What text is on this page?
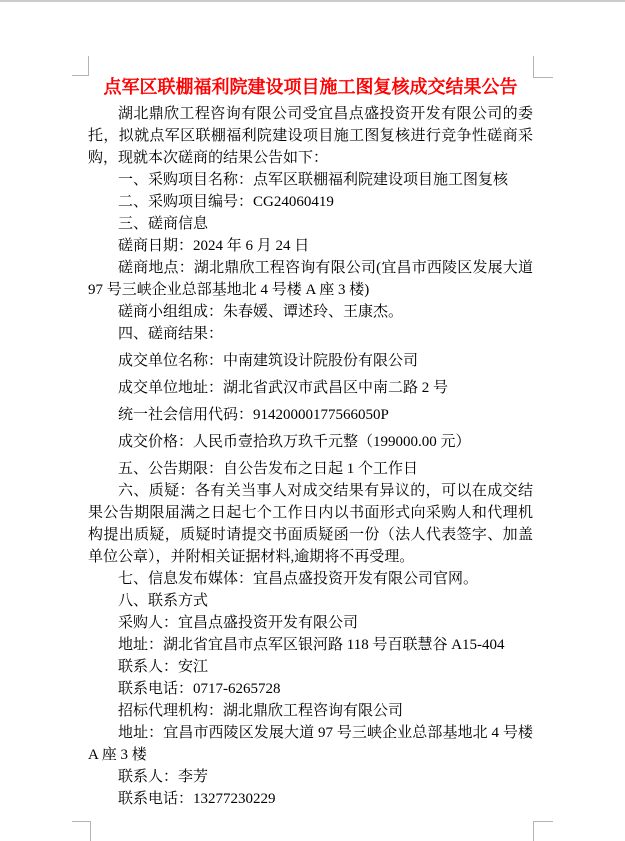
点军区联棚福利院建设项目施工图复核成交结果公告

湖北鼎欣工程咨询有限公司受宜昌点盛投资开发有限公司的委托，拟就点军区联棚福利院建设项目施工图复核进行竞争性磋商采购，现就本次磋商的结果公告如下：

一、采购项目名称：点军区联棚福利院建设项目施工图复核

二、采购项目编号：CG24060419

三、磋商信息

磋商日期：2024 年 6 月 24 日

磋商地点：湖北鼎欣工程咨询有限公司(宜昌市西陵区发展大道 97 号三峡企业总部基地北 4 号楼 A 座 3 楼)

磋商小组组成：朱春媛、谭述玲、王康杰。

四、磋商结果：

成交单位名称：中南建筑设计院股份有限公司

成交单位地址：湖北省武汉市武昌区中南二路 2 号

统一社会信用代码：91420000177566050P

成交价格：人民币壹拾玖万玖千元整（199000.00 元）

五、公告期限：自公告发布之日起 1 个工作日

六、质疑：各有关当事人对成交结果有异议的，可以在成交结果公告期限届满之日起七个工作日内以书面形式向采购人和代理机构提出质疑，质疑时请提交书面质疑函一份（法人代表签字、加盖单位公章），并附相关证据材料,逾期将不再受理。

七、信息发布媒体：宜昌点盛投资开发有限公司官网。

八、联系方式

采购人：宜昌点盛投资开发有限公司

地址：湖北省宜昌市点军区银河路 118 号百联慧谷 A15-404

联系人：安江

联系电话：0717-6265728

招标代理机构：湖北鼎欣工程咨询有限公司

地址：宜昌市西陵区发展大道 97 号三峡企业总部基地北 4 号楼 A 座 3 楼

联系人：李芳

联系电话：13277230229
